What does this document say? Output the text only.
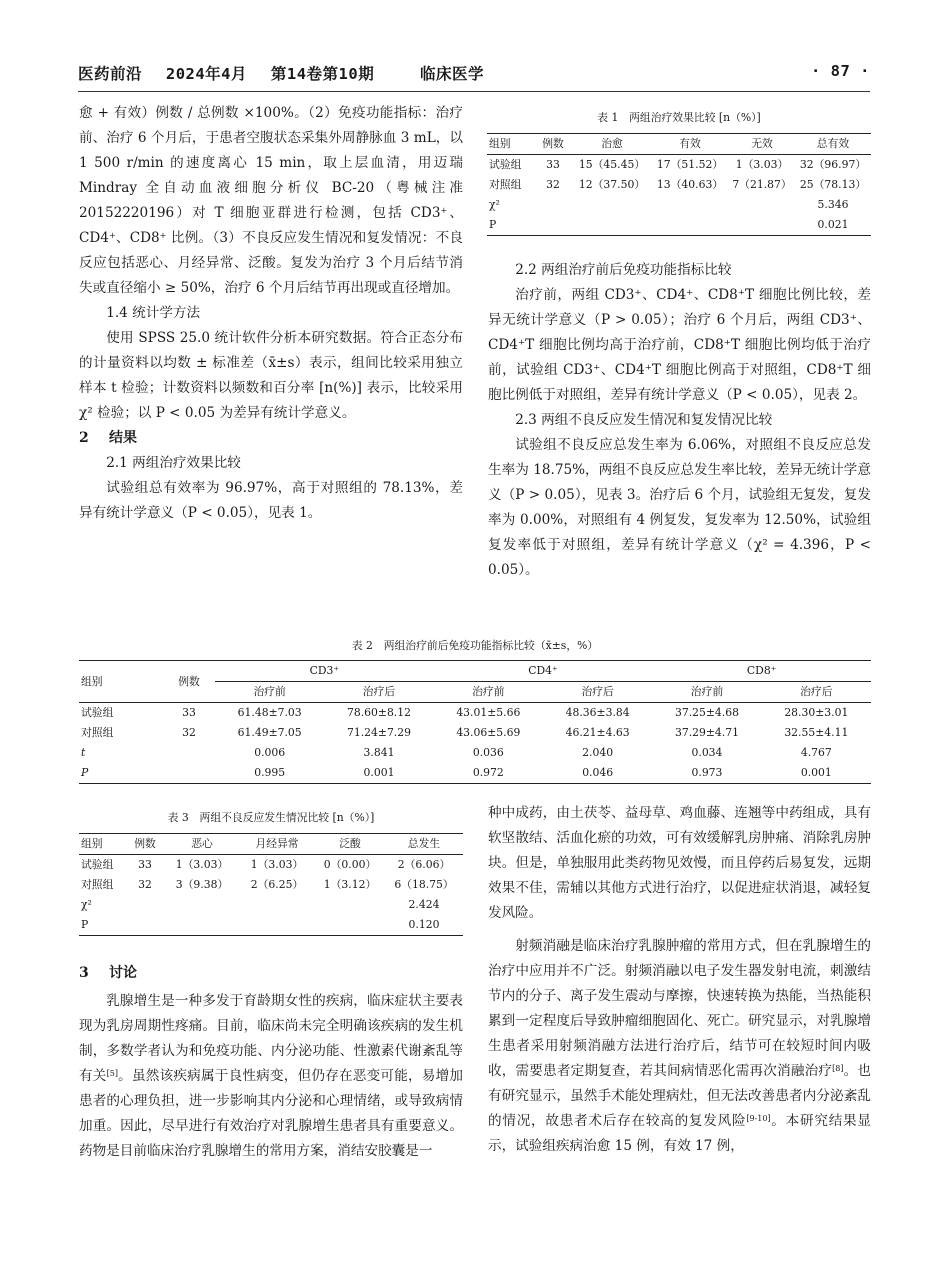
医药前沿 2024年4月 第14卷第10期	临床医学	· 87 ·

愈 + 有效）例数 / 总例数 ×100%。（2）免疫功能指标：治疗前、治疗 6 个月后，于患者空腹状态采集外周静脉血 3 mL，以 1 500 r/min 的速度离心 15 min，取上层血清，用迈瑞 Mindray 全自动血液细胞分析仪 BC-20（粤械注准 20152220196）对 T 细胞亚群进行检测，包括 CD3+、CD4+、CD8+ 比例。（3）不良反应发生情况和复发情况：不良反应包括恶心、月经异常、泛酸。复发为治疗 3 个月后结节消失或直径缩小 ≥ 50%，治疗 6 个月后结节再出现或直径增加。

1.4 统计学方法

使用 SPSS 25.0 统计软件分析本研究数据。符合正态分布的计量资料以均数 ± 标准差（x̄±s）表示，组间比较采用独立样本 t 检验；计数资料以频数和百分率 [n(%)] 表示，比较采用 χ² 检验；以 P < 0.05 为差异有统计学意义。

2 结果
2.1 两组治疗效果比较

试验组总有效率为 96.97%，高于对照组的 78.13%，差异有统计学意义（P < 0.05），见表 1。

表 1　两组治疗效果比较 [n（%）]
组别	例数	治愈	有效	无效	总有效
试验组	33	15（45.45）	17（51.52）	1（3.03）	32（96.97）
对照组	32	12（37.50）	13（40.63）	7（21.87）	25（78.13）
χ²					5.346
P					0.021
2.2 两组治疗前后免疫功能指标比较

治疗前，两组 CD3⁺、CD4⁺、CD8⁺T 细胞比例比较，差异无统计学意义（P > 0.05）；治疗 6 个月后，两组 CD3⁺、CD4⁺T 细胞比例均高于治疗前，CD8⁺T 细胞比例均低于治疗前，试验组 CD3⁺、CD4⁺T 细胞比例高于对照组，CD8⁺T 细胞比例低于对照组，差异有统计学意义（P < 0.05），见表 2。

2.3 两组不良反应发生情况和复发情况比较

试验组不良反应总发生率为 6.06%，对照组不良反应总发生率为 18.75%，两组不良反应总发生率比较，差异无统计学意义（P > 0.05），见表 3。治疗后 6 个月，试验组无复发，复发率为 0.00%，对照组有 4 例复发，复发率为 12.50%，试验组复发率低于对照组，差异有统计学意义（χ² = 4.396，P < 0.05）。

表 2　两组治疗前后免疫功能指标比较（x̄±s，%）
组别	例数	CD3⁺		CD4⁺		CD8⁺	
		治疗前	治疗后	治疗前	治疗后	治疗前	治疗后
试验组	33	61.48±7.03	78.60±8.12	43.01±5.66	48.36±3.84	37.25±4.68	28.30±3.01
对照组	32	61.49±7.05	71.24±7.29	43.06±5.69	46.21±4.63	37.29±4.71	32.55±4.11
t		0.006	3.841	0.036	2.040	0.034	4.767
P		0.995	0.001	0.972	0.046	0.973	0.001
表 3　两组不良反应发生情况比较 [n（%）]
组别	例数	恶心	月经异常	泛酸	总发生
试验组	33	1（3.03）	1（3.03）	0（0.00）	2（6.06）
对照组	32	3（9.38）	2（6.25）	1（3.12）	6（18.75）
χ²					2.424
P					0.120
3 讨论

乳腺增生是一种多发于育龄期女性的疾病，临床症状主要表现为乳房周期性疼痛。目前，临床尚未完全明确该疾病的发生机制，多数学者认为和免疫功能、内分泌功能、性激素代谢紊乱等有关[5]。虽然该疾病属于良性病变，但仍存在恶变可能，易增加患者的心理负担，进一步影响其内分泌和心理情绪，或导致病情加重。因此，尽早进行有效治疗对乳腺增生患者具有重要意义。药物是目前临床治疗乳腺增生的常用方案，消结安胶囊是一

种中成药，由土茯苓、益母草、鸡血藤、连翘等中药组成，具有软坚散结、活血化瘀的功效，可有效缓解乳房肿痛、消除乳房肿块。但是，单独服用此类药物见效慢，而且停药后易复发，远期效果不佳，需辅以其他方式进行治疗，以促进症状消退，减轻复发风险。

射频消融是临床治疗乳腺肿瘤的常用方式，但在乳腺增生的治疗中应用并不广泛。射频消融以电子发生器发射电流，刺激结节内的分子、离子发生震动与摩擦，快速转换为热能，当热能积累到一定程度后导致肿瘤细胞固化、死亡。研究显示，对乳腺增生患者采用射频消融方法进行治疗后，结节可在较短时间内吸收，需要患者定期复查，若其间病情恶化需再次消融治疗[8]。也有研究显示，虽然手术能处理病灶，但无法改善患者内分泌紊乱的情况，故患者术后存在较高的复发风险[9-10]。本研究结果显示，试验组疾病治愈 15 例，有效 17 例，
